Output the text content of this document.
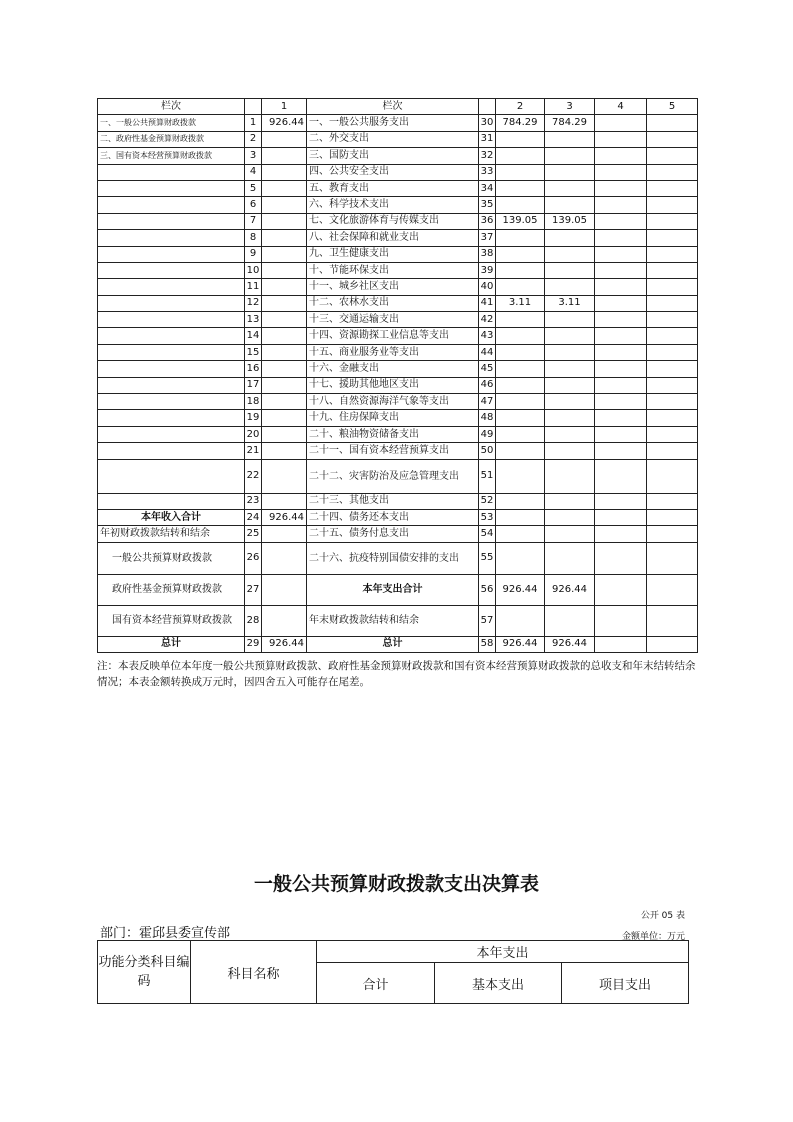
栏次		1	栏次		2	3	4	5
一、一般公共预算财政拨款	1	926.44	一、一般公共服务支出	30	784.29	784.29		
二、政府性基金预算财政拨款	2		二、外交支出	31				
三、国有资本经营预算财政拨款	3		三、国防支出	32				
	4		四、公共安全支出	33				
	5		五、教育支出	34				
	6		六、科学技术支出	35				
	7		七、文化旅游体育与传媒支出	36	139.05	139.05		
	8		八、社会保障和就业支出	37				
	9		九、卫生健康支出	38				
	10		十、节能环保支出	39				
	11		十一、城乡社区支出	40				
	12		十二、农林水支出	41	3.11	3.11		
	13		十三、交通运输支出	42				
	14		十四、资源勘探工业信息等支出	43				
	15		十五、商业服务业等支出	44				
	16		十六、金融支出	45				
	17		十七、援助其他地区支出	46				
	18		十八、自然资源海洋气象等支出	47				
	19		十九、住房保障支出	48				
	20		二十、粮油物资储备支出	49				
	21		二十一、国有资本经营预算支出	50				
	22		二十二、灾害防治及应急管理支出	51				
	23		二十三、其他支出	52				
本年收入合计	24	926.44	二十四、债务还本支出	53				
年初财政拨款结转和结余	25		二十五、债务付息支出	54				
一般公共预算财政拨款	26		二十六、抗疫特别国债安排的支出	55				
政府性基金预算财政拨款	27		本年支出合计	56	926.44	926.44		
国有资本经营预算财政拨款	28		年末财政拨款结转和结余	57				
总计	29	926.44	总计	58	926.44	926.44		
注：本表反映单位本年度一般公共预算财政拨款、政府性基金预算财政拨款和国有资本经营预算财政拨款的总收支和年末结转结余情况；本表金额转换成万元时，因四舍五入可能存在尾差。
一般公共预算财政拨款支出决算表
公开 05 表
部门：霍邱县委宣传部	金额单位：万元
功能分类科目编码	科目名称	本年支出		
		合计	基本支出	项目支出
